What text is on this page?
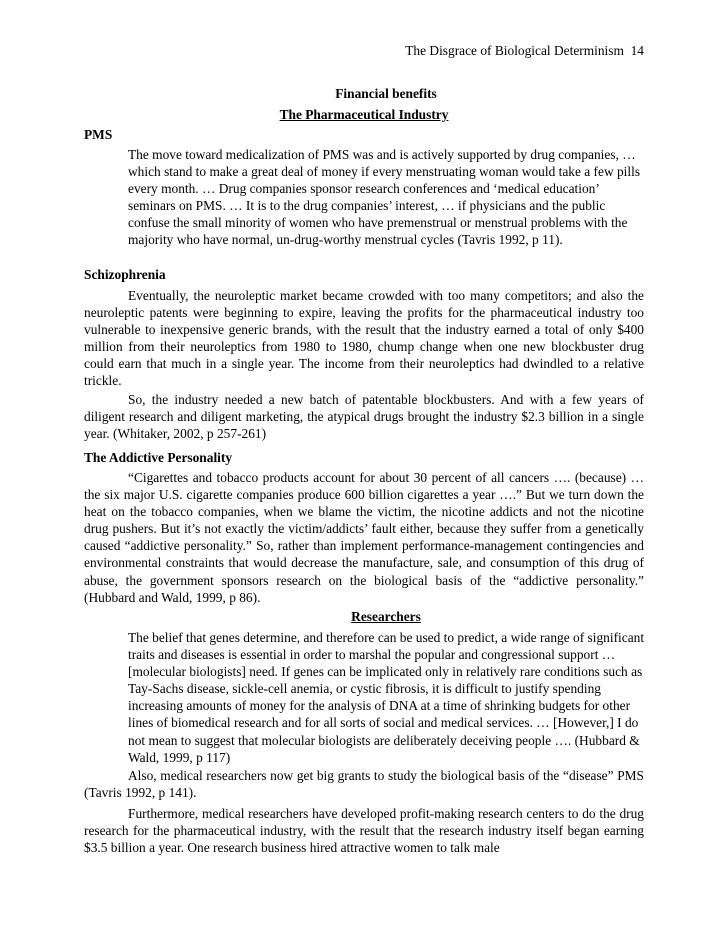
The Disgrace of Biological Determinism 14
Financial benefits
The Pharmaceutical Industry
PMS

The move toward medicalization of PMS was and is actively supported by drug companies, … which stand to make a great deal of money if every menstruating woman would take a few pills every month. … Drug companies sponsor research conferences and ‘medical education’ seminars on PMS. … It is to the drug companies’ interest, … if physicians and the public confuse the small minority of women who have premenstrual or menstrual problems with the majority who have normal, un-drug-worthy menstrual cycles (Tavris 1992, p 11).

Schizophrenia

Eventually, the neuroleptic market became crowded with too many competitors; and also the neuroleptic patents were beginning to expire, leaving the profits for the pharmaceutical industry too vulnerable to inexpensive generic brands, with the result that the industry earned a total of only $400 million from their neuroleptics from 1980 to 1980, chump change when one new blockbuster drug could earn that much in a single year. The income from their neuroleptics had dwindled to a relative trickle.

So, the industry needed a new batch of patentable blockbusters. And with a few years of diligent research and diligent marketing, the atypical drugs brought the industry $2.3 billion in a single year. (Whitaker, 2002, p 257-261)

The Addictive Personality

“Cigarettes and tobacco products account for about 30 percent of all cancers …. (because) … the six major U.S. cigarette companies produce 600 billion cigarettes a year ….” But we turn down the heat on the tobacco companies, when we blame the victim, the nicotine addicts and not the nicotine drug pushers. But it’s not exactly the victim/addicts’ fault either, because they suffer from a genetically caused “addictive personality.” So, rather than implement performance-management contingencies and environmental constraints that would decrease the manufacture, sale, and consumption of this drug of abuse, the government sponsors research on the biological basis of the “addictive personality.” (Hubbard and Wald, 1999, p 86).

Researchers

The belief that genes determine, and therefore can be used to predict, a wide range of significant traits and diseases is essential in order to marshal the popular and congressional support … [molecular biologists] need. If genes can be implicated only in relatively rare conditions such as Tay-Sachs disease, sickle-cell anemia, or cystic fibrosis, it is difficult to justify spending increasing amounts of money for the analysis of DNA at a time of shrinking budgets for other lines of biomedical research and for all sorts of social and medical services. … [However,] I do not mean to suggest that molecular biologists are deliberately deceiving people …. (Hubbard & Wald, 1999, p 117)

Also, medical researchers now get big grants to study the biological basis of the “disease” PMS (Tavris 1992, p 141).

Furthermore, medical researchers have developed profit-making research centers to do the drug research for the pharmaceutical industry, with the result that the research industry itself began earning $3.5 billion a year. One research business hired attractive women to talk male
